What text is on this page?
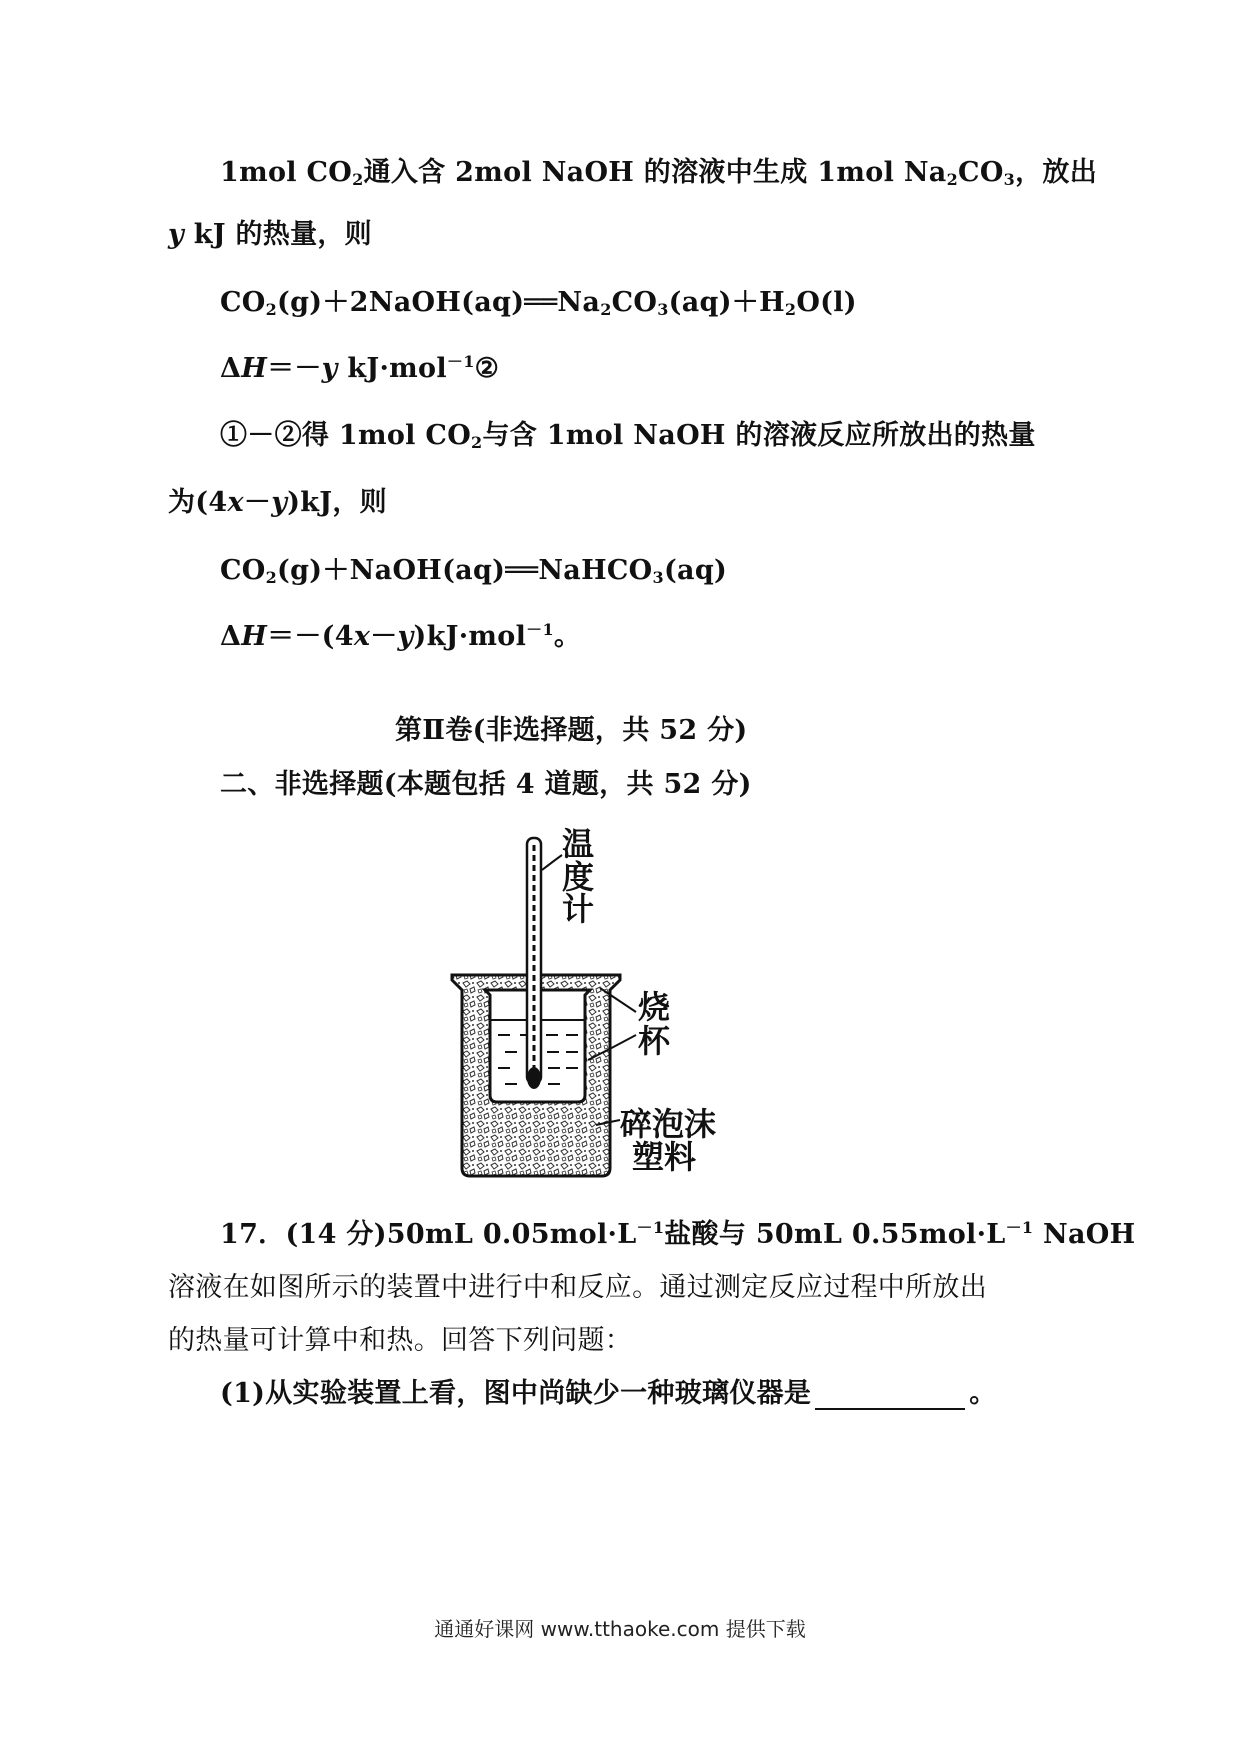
1mol $CO_2$通入含 2mol NaOH 的溶液中生成 1mol $Na_2CO_3$，放出
y kJ 的热量，则
$CO_2(g)+2NaOH(aq)══Na_2CO_3(aq)+H_2O(l)$
ΔH＝－y kJ·mol$^{-1}$②
①－②得 1mol $CO_2$与含 1mol NaOH 的溶液反应所放出的热量
为(4x－y)kJ，则
$CO_2(g)+NaOH(aq)══NaHCO_3(aq)$
ΔH＝－(4x－y)kJ·mol$^{-1}$。
第Ⅱ卷(非选择题，共 52 分)
二、非选择题(本题包括 4 道题，共 52 分)
温
度
计
烧
杯
碎泡沫
塑料
17．(14 分)50mL $0.05mol\cdot L^{-1}$盐酸与 50mL $0.55mol\cdot L^{-1}$ NaOH
溶液在如图所示的装置中进行中和反应。通过测定反应过程中所放出
的热量可计算中和热。回答下列问题：
(1)从实验装置上看，图中尚缺少一种玻璃仪器是	。
通通好课网 www.tthaoke.com 提供下载
